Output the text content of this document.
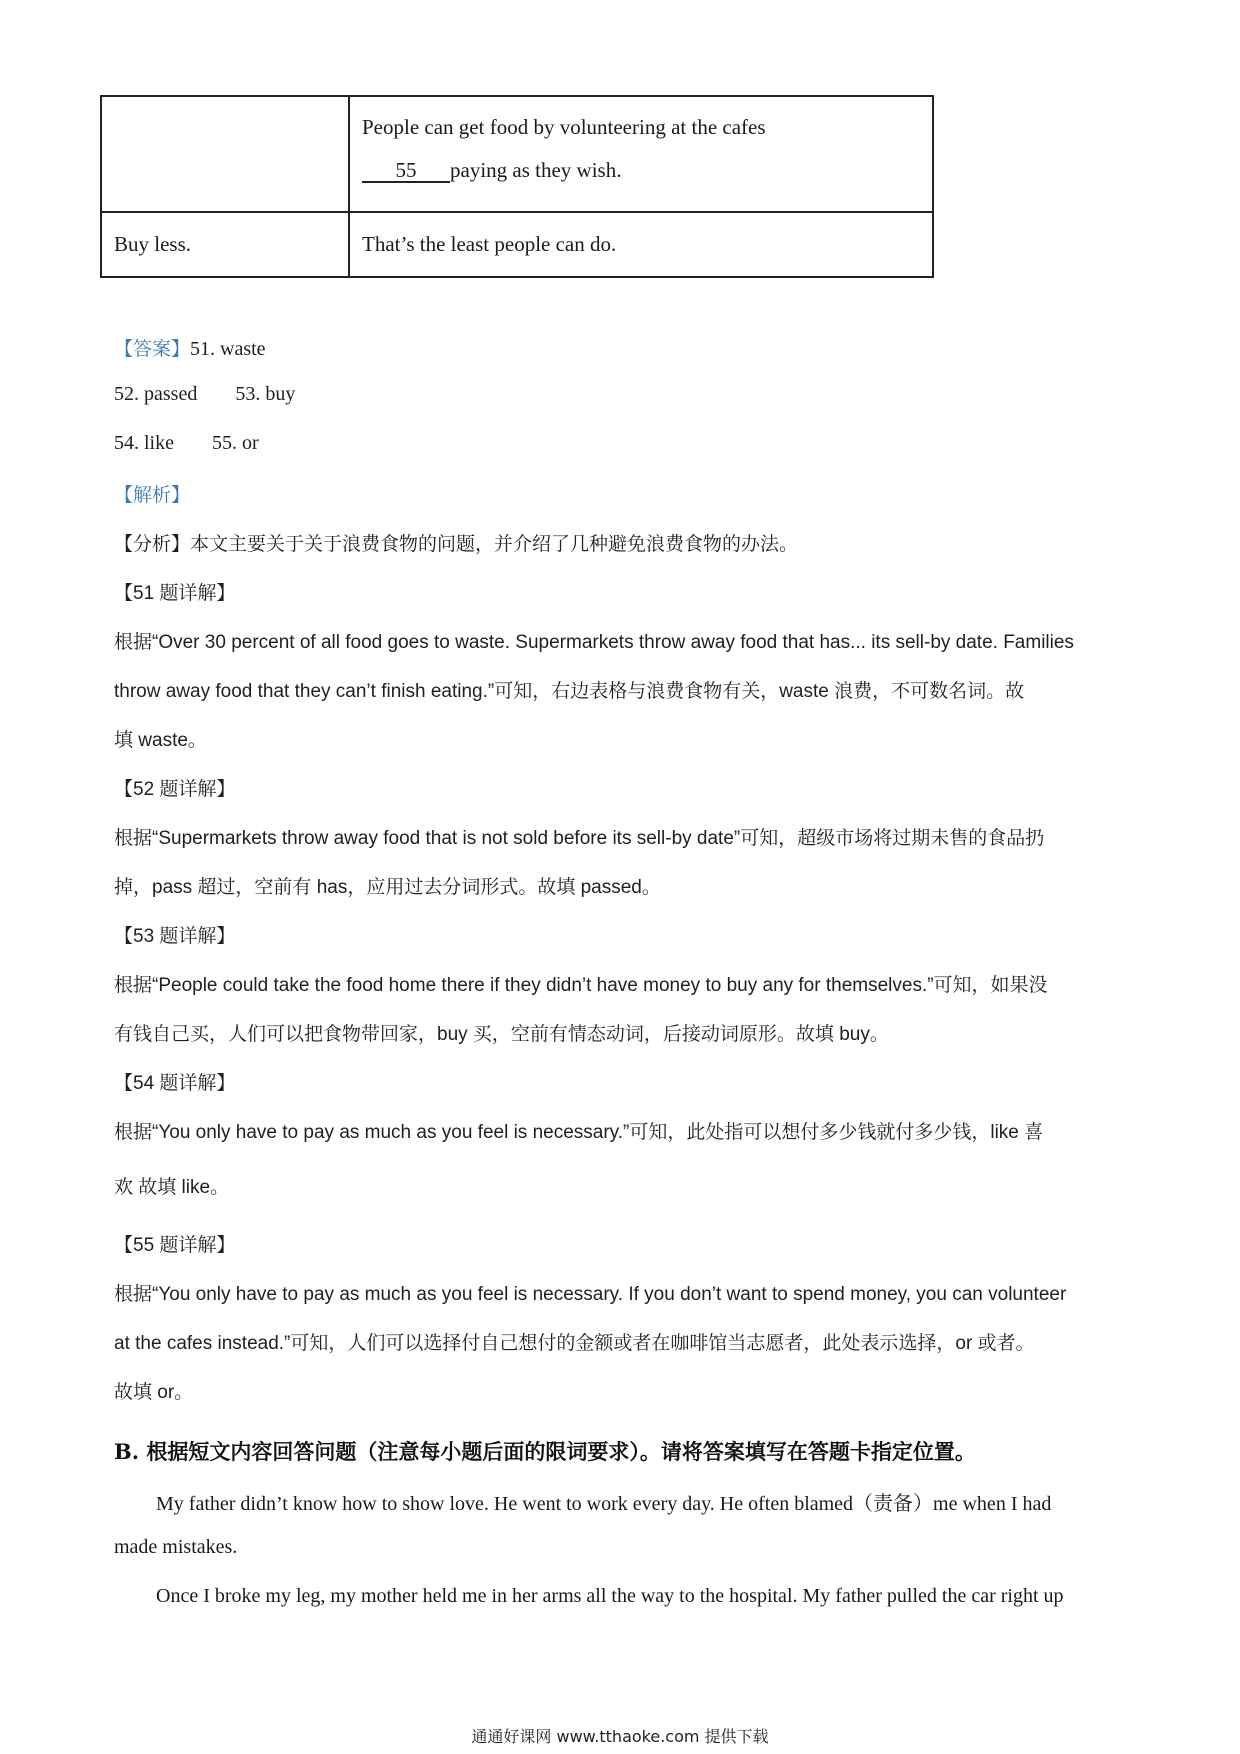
	People can get food by volunteering at the cafes
55 paying as they wish.

Buy less.	That’s the least people can do.

【答案】51. waste

52. passed 53. buy

54. like 55. or

【解析】

【分析】本文主要关于关于浪费食物的问题，并介绍了几种避免浪费食物的办法。

【51 题详解】

根据“Over 30 percent of all food goes to waste. Supermarkets throw away food that has... its sell-by date. Families

throw away food that they can’t finish eating.”可知，右边表格与浪费食物有关，waste 浪费，不可数名词。故

填 waste。

【52 题详解】

根据“Supermarkets throw away food that is not sold before its sell-by date”可知，超级市场将过期未售的食品扔

掉，pass 超过，空前有 has，应用过去分词形式。故填 passed。

【53 题详解】

根据“People could take the food home there if they didn’t have money to buy any for themselves.”可知，如果没

有钱自己买，人们可以把食物带回家，buy 买，空前有情态动词，后接动词原形。故填 buy。

【54 题详解】

根据“You only have to pay as much as you feel is necessary.”可知，此处指可以想付多少钱就付多少钱，like 喜

欢 故填 like。

【55 题详解】

根据“You only have to pay as much as you feel is necessary. If you don’t want to spend money, you can volunteer

at the cafes instead.”可知，人们可以选择付自己想付的金额或者在咖啡馆当志愿者，此处表示选择，or 或者。

故填 or。

B. 根据短文内容回答问题（注意每小题后面的限词要求）。请将答案填写在答题卡指定位置。

My father didn’t know how to show love. He went to work every day. He often blamed（责备）me when I had

made mistakes.

Once I broke my leg, my mother held me in her arms all the way to the hospital. My father pulled the car right up

通通好课网 www.tthaoke.com 提供下载
